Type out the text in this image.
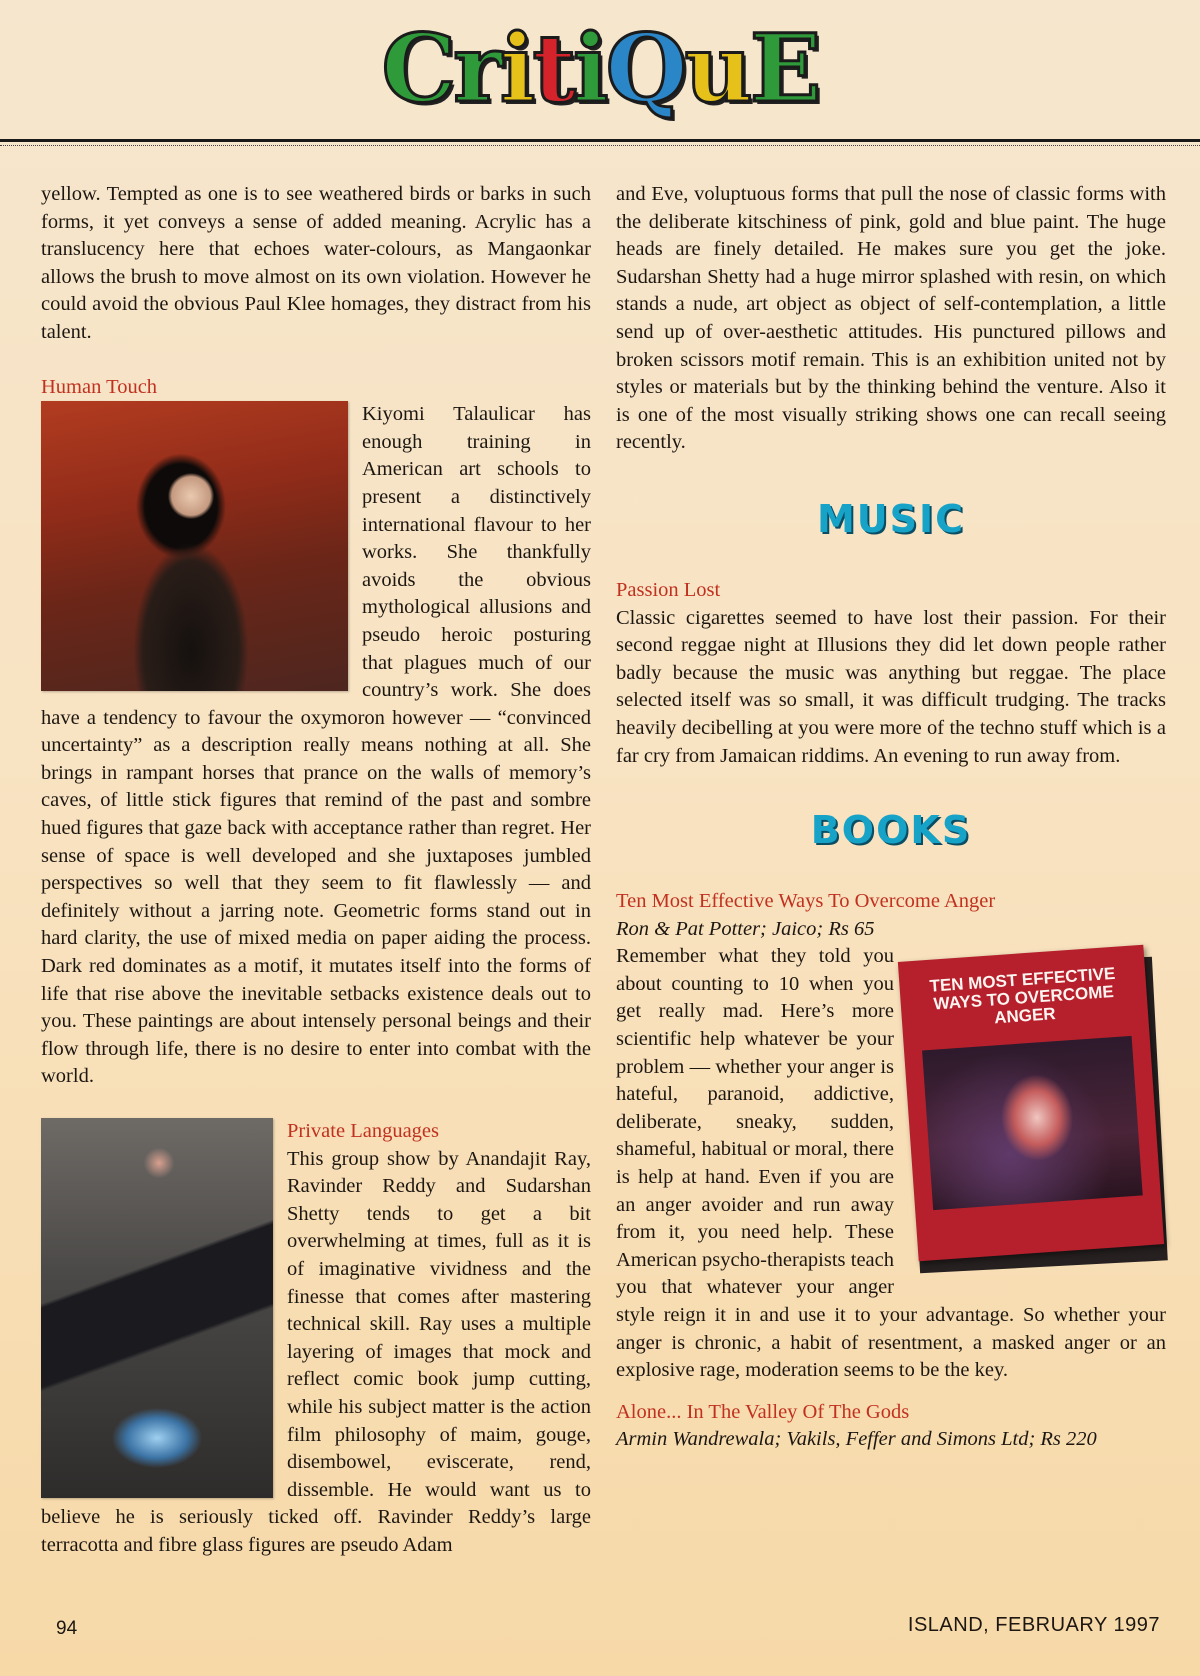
CritiQuE

yellow. Tempted as one is to see weathered birds or barks in such forms, it yet conveys a sense of added meaning. Acrylic has a translucency here that echoes water-colours, as Mangaonkar allows the brush to move almost on its own violation. However he could avoid the obvious Paul Klee homages, they distract from his talent.

Human Touch

Kiyomi Talaulicar has enough training in American art schools to present a distinctively international flavour to her works. She thankfully avoids the obvious mythological allusions and pseudo heroic posturing that plagues much of our country’s work. She does have a tendency to favour the oxymoron however — “convinced uncertainty” as a description really means nothing at all. She brings in rampant horses that prance on the walls of memory’s caves, of little stick figures that remind of the past and sombre hued figures that gaze back with acceptance rather than regret. Her sense of space is well developed and she juxtaposes jumbled perspectives so well that they seem to fit flawlessly — and definitely without a jarring note. Geometric forms stand out in hard clarity, the use of mixed media on paper aiding the process. Dark red dominates as a motif, it mutates itself into the forms of life that rise above the inevitable setbacks existence deals out to you. These paintings are about intensely personal beings and their flow through life, there is no desire to enter into combat with the world.

Private Languages

This group show by Anandajit Ray, Ravinder Reddy and Sudarshan Shetty tends to get a bit overwhelming at times, full as it is of imaginative vividness and the finesse that comes after mastering technical skill. Ray uses a multiple layering of images that mock and reflect comic book jump cutting, while his subject matter is the action film philosophy of maim, gouge, disembowel, eviscerate, rend, dissemble. He would want us to believe he is seriously ticked off. Ravinder Reddy’s large terracotta and fibre glass figures are pseudo Adam

and Eve, voluptuous forms that pull the nose of classic forms with the deliberate kitschiness of pink, gold and blue paint. The huge heads are finely detailed. He makes sure you get the joke. Sudarshan Shetty had a huge mirror splashed with resin, on which stands a nude, art object as object of self-contemplation, a little send up of over-aesthetic attitudes. His punctured pillows and broken scissors motif remain. This is an exhibition united not by styles or materials but by the thinking behind the venture. Also it is one of the most visually striking shows one can recall seeing recently.

MUSIC
Passion Lost

Classic cigarettes seemed to have lost their passion. For their second reggae night at Illusions they did let down people rather badly because the music was anything but reggae. The place selected itself was so small, it was difficult trudging. The tracks heavily decibelling at you were more of the techno stuff which is a far cry from Jamaican riddims. An evening to run away from.

BOOKS
Ten Most Effective Ways To Overcome Anger
Ron & Pat Potter; Jaico; Rs 65
TEN MOST EFFECTIVE WAYS TO OVERCOME ANGER

Remember what they told you about counting to 10 when you get really mad. Here’s more scientific help whatever be your problem — whether your anger is hateful, paranoid, addictive, deliberate, sneaky, sudden, shameful, habitual or moral, there is help at hand. Even if you are an anger avoider and run away from it, you need help. These American psycho-therapists teach you that whatever your anger style reign it in and use it to your advantage. So whether your anger is chronic, a habit of resentment, a masked anger or an explosive rage, moderation seems to be the key.

Alone... In The Valley Of The Gods
Armin Wandrewala; Vakils, Feffer and Simons Ltd; Rs 220
94	ISLAND, FEBRUARY 1997
